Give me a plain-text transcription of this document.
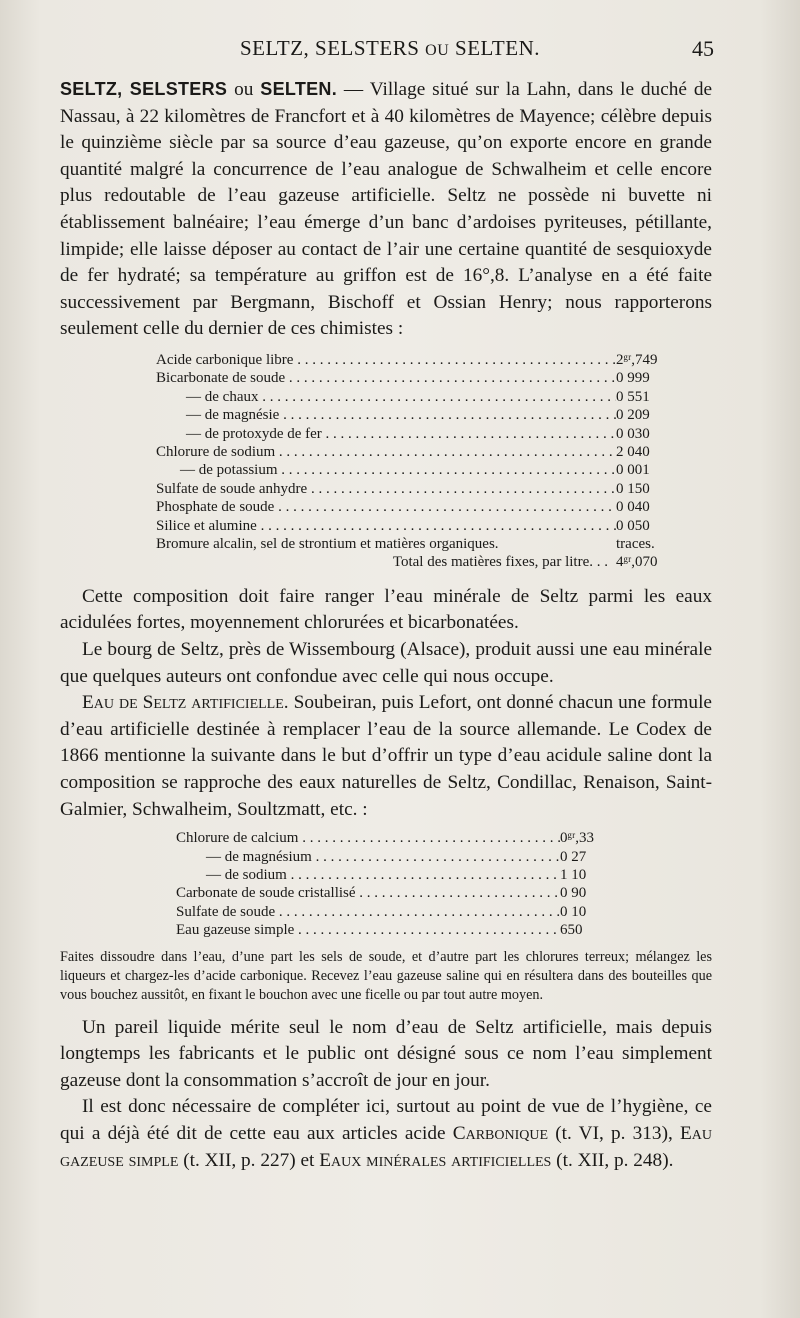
SELTZ, SELSTERS OU SELTEN.	45

SELTZ, SELSTERS ou SELTEN. — Village situé sur la Lahn, dans le duché de Nassau, à 22 kilomètres de Francfort et à 40 kilomètres de Mayence; célèbre depuis le quinzième siècle par sa source d’eau gazeuse, qu’on exporte encore en grande quantité malgré la concurrence de l’eau analogue de Schwalheim et celle encore plus redoutable de l’eau gazeuse artificielle. Seltz ne possède ni buvette ni établissement balnéaire; l’eau émerge d’un banc d’ardoises pyriteuses, pétillante, limpide; elle laisse déposer au contact de l’air une certaine quantité de sesquioxyde de fer hydraté; sa température au griffon est de 16°,8. L’analyse en a été faite successivement par Bergmann, Bischoff et Ossian Henry; nous rapporterons seulement celle du dernier de ces chimistes :

Acide carbonique libre . . .	2ᵍʳ,749
Bicarbonate de soude . . .	0 999
— de chaux . . .	0 551
— de magnésie . . .	0 209
— de protoxyde de fer . . .	0 030
Chlorure de sodium . . .	2 040
— de potassium . . .	0 001
Sulfate de soude anhydre . . .	0 150
Phosphate de soude . . .	0 040
Silice et alumine . . .	0 050
Bromure alcalin, sel de strontium et matières organiques.	traces.
Total des matières fixes, par litre. . . 4ᵍʳ,070

Cette composition doit faire ranger l’eau minérale de Seltz parmi les eaux acidulées fortes, moyennement chlorurées et bicarbonatées.

Le bourg de Seltz, près de Wissembourg (Alsace), produit aussi une eau minérale que quelques auteurs ont confondue avec celle qui nous occupe.

Eau de Seltz artificielle. Soubeiran, puis Lefort, ont donné chacun une formule d’eau artificielle destinée à remplacer l’eau de la source allemande. Le Codex de 1866 mentionne la suivante dans le but d’offrir un type d’eau acidule saline dont la composition se rapproche des eaux naturelles de Seltz, Condillac, Renaison, Saint-Galmier, Schwalheim, Soultzmatt, etc. :

Chlorure de calcium . . .	0ᵍʳ,33
— de magnésium . . .	0 27
— de sodium . . .	1 10
Carbonate de soude cristallisé . . .	0 90
Sulfate de soude . . .	0 10
Eau gazeuse simple . . .	650

Faites dissoudre dans l’eau, d’une part les sels de soude, et d’autre part les chlorures terreux; mélangez les liqueurs et chargez-les d’acide carbonique. Recevez l’eau gazeuse saline qui en résultera dans des bouteilles que vous bouchez aussitôt, en fixant le bouchon avec une ficelle ou par tout autre moyen.

Un pareil liquide mérite seul le nom d’eau de Seltz artificielle, mais depuis longtemps les fabricants et le public ont désigné sous ce nom l’eau simplement gazeuse dont la consommation s’accroît de jour en jour.

Il est donc nécessaire de compléter ici, surtout au point de vue de l’hygiène, ce qui a déjà été dit de cette eau aux articles acide Carbonique (t. VI, p. 313), Eau gazeuse simple (t. XII, p. 227) et Eaux minérales artificielles (t. XII, p. 248).
